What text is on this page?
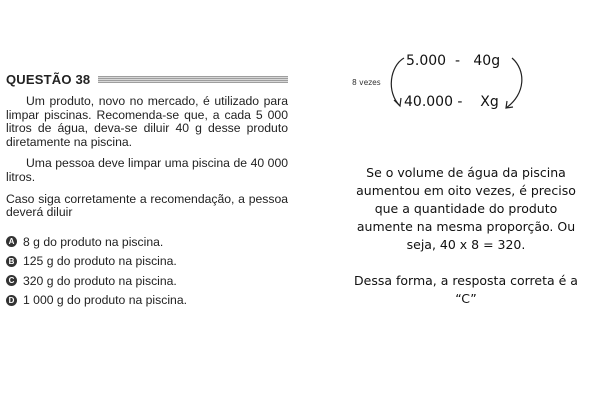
QUESTÃO 38

Um produto, novo no mercado, é utilizado para limpar piscinas. Recomenda-se que, a cada 5 000 litros de água, deva-se diluir 40 g desse produto diretamente na piscina.

Uma pessoa deve limpar uma piscina de 40 000 litros.

Caso siga corretamente a recomendação, a pessoa deverá diluir

A 8 g do produto na piscina.
B 125 g do produto na piscina.
C 320 g do produto na piscina.
D 1 000 g do produto na piscina.
8 vezes
5.000  -   40g
40.000 -    Xg

Se o volume de água da piscina aumentou em oito vezes, é preciso que a quantidade do produto aumente na mesma proporção. Ou seja, 40 x 8 = 320.

Dessa forma, a resposta correta é a “C”
